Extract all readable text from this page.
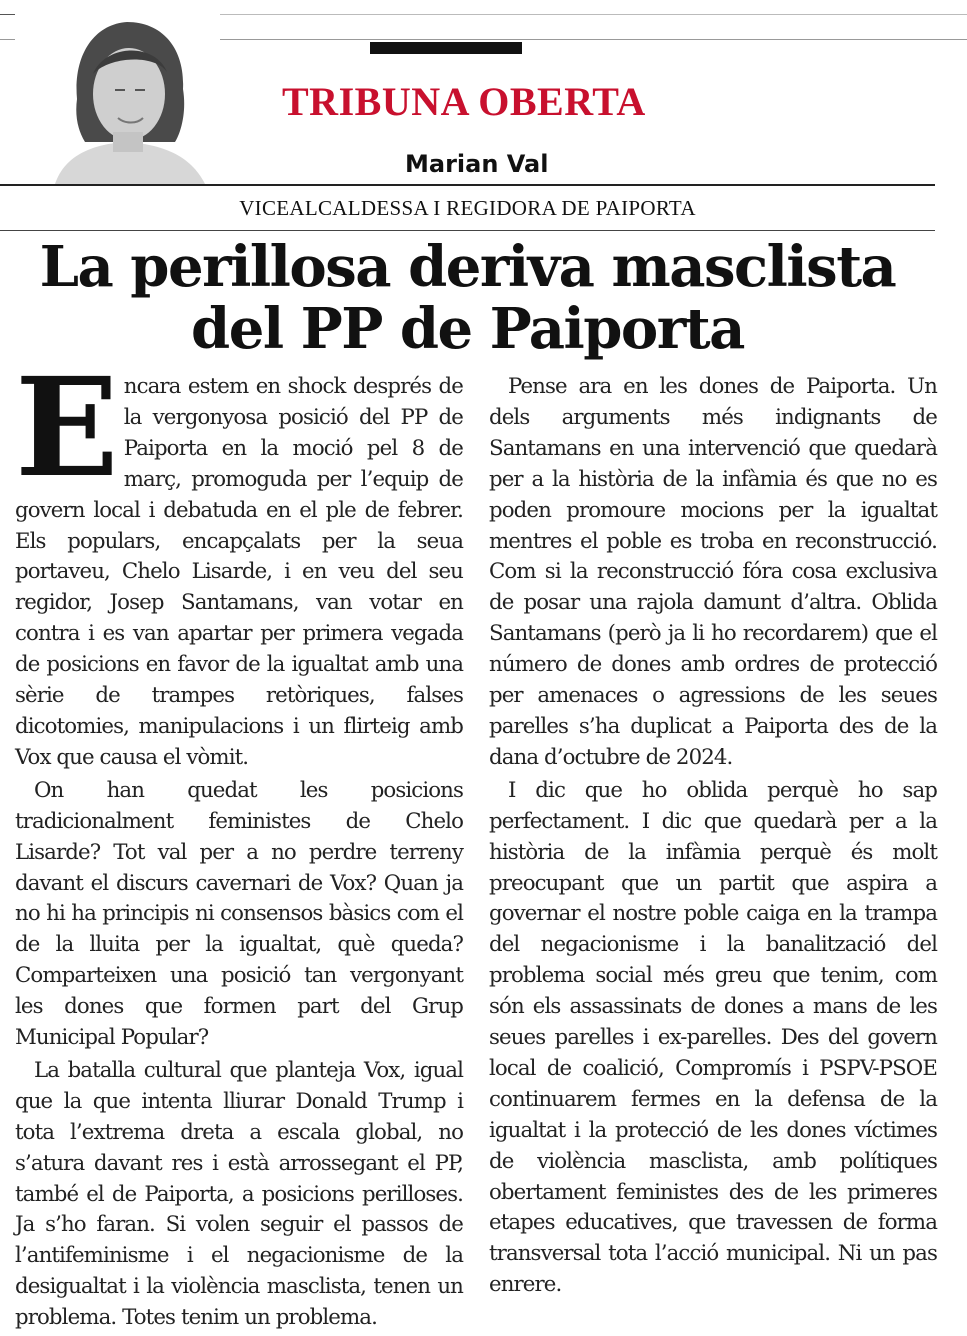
TRIBUNA OBERTA
Marian Val
VICEALCALDESSA I REGIDORA DE PAIPORTA
La perillosa deriva masclista
del PP de Paiporta

Encara estem en shock després de la vergonyosa posició del PP de Paiporta en la moció pel 8 de març, promoguda per l’equip de govern local i debatuda en el ple de febrer. Els populars, encapçalats per la seua portaveu, Chelo Lisarde, i en veu del seu regidor, Josep Santamans, van votar en contra i es van apartar per primera vegada de posicions en favor de la igualtat amb una sèrie de trampes retòriques, falses dicotomies, manipulacions i un flirteig amb Vox que causa el vòmit.

On han quedat les posicions tradicionalment feministes de Chelo Lisarde? Tot val per a no perdre terreny davant el discurs cavernari de Vox? Quan ja no hi ha principis ni consensos bàsics com el de la lluita per la igualtat, què queda? Comparteixen una posició tan vergonyant les dones que formen part del Grup Municipal Popular?

La batalla cultural que planteja Vox, igual que la que intenta lliurar Donald Trump i tota l’extrema dreta a escala global, no s’atura davant res i està arrossegant el PP, també el de Paiporta, a posicions perilloses. Ja s’ho faran. Si volen seguir el passos de l’antifeminisme i el negacionisme de la desigualtat i la violència masclista, tenen un problema. Totes tenim un problema.

Pense ara en les dones de Paiporta. Un dels arguments més indignants de Santamans en una intervenció que quedarà per a la història de la infàmia és que no es poden promoure mocions per la igualtat mentres el poble es troba en reconstrucció. Com si la reconstrucció fóra cosa exclusiva de posar una rajola damunt d’altra. Oblida Santamans (però ja li ho recordarem) que el número de dones amb ordres de protecció per amenaces o agressions de les seues parelles s’ha duplicat a Paiporta des de la dana d’octubre de 2024.

I dic que ho oblida perquè ho sap perfectament. I dic que quedarà per a la història de la infàmia perquè és molt preocupant que un partit que aspira a governar el nostre poble caiga en la trampa del negacionisme i la banalització del problema social més greu que tenim, com són els assassinats de dones a mans de les seues parelles i ex-parelles. Des del govern local de coalició, Compromís i PSPV-PSOE continuarem fermes en la defensa de la igualtat i la protecció de les dones víctimes de violència masclista, amb polítiques obertament feministes des de les primeres etapes educatives, que travessen de forma transversal tota l’acció municipal. Ni un pas enrere.
